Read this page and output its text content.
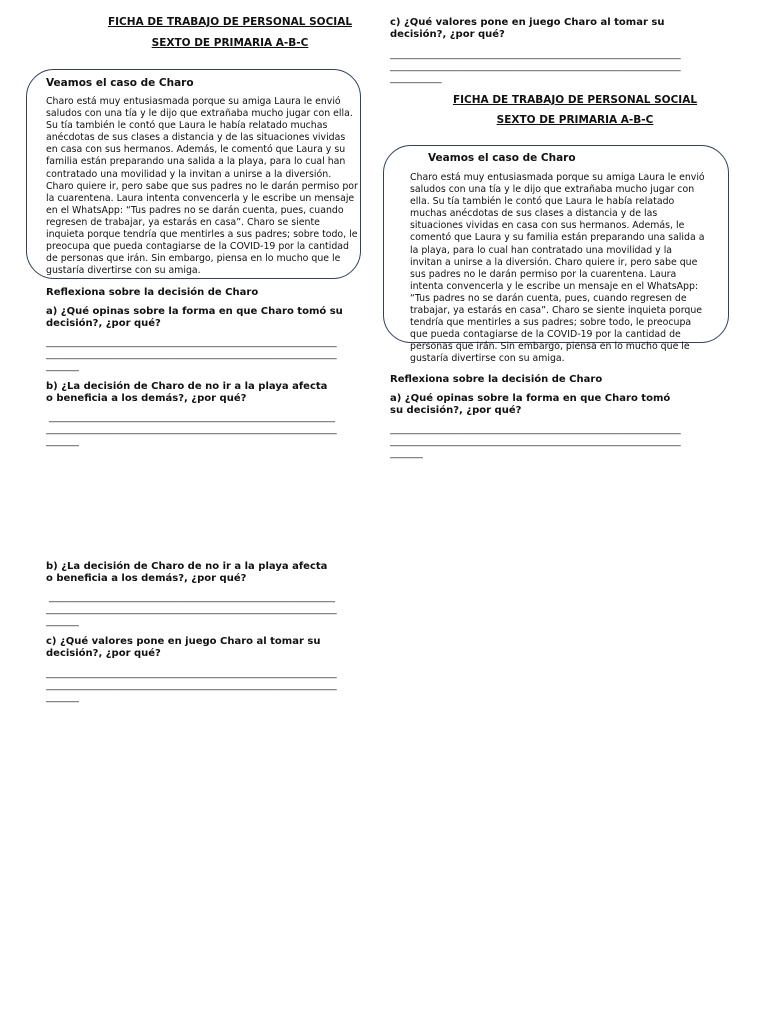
FICHA DE TRABAJO DE PERSONAL SOCIAL

SEXTO DE PRIMARIA A-B-C

Veamos el caso de Charo

Charo está muy entusiasmada porque su amiga Laura le envió saludos con una tía y le dijo que extrañaba mucho jugar con ella. Su tía también le contó que Laura le había relatado muchas anécdotas de sus clases a distancia y de las situaciones vividas en casa con sus hermanos. Además, le comentó que Laura y su familia están preparando una salida a la playa, para lo cual han contratado una movilidad y la invitan a unirse a la diversión. Charo quiere ir, pero sabe que sus padres no le darán permiso por la cuarentena. Laura intenta convencerla y le escribe un mensaje en el WhatsApp: “Tus padres no se darán cuenta, pues, cuando regresen de trabajar, ya estarás en casa”. Charo se siente inquieta porque tendría que mentirles a sus padres; sobre todo, le preocupa que pueda contagiarse de la COVID-19 por la cantidad de personas que irán. Sin embargo, piensa en lo mucho que le gustaría divertirse con su amiga.

Reflexiona sobre la decisión de Charo

a) ¿Qué opinas sobre la forma en que Charo tomó su decisión?, ¿por qué?

______________________________________________________________
______________________________________________________________
_______

b) ¿La decisión de Charo de no ir a la playa afecta o beneficia a los demás?, ¿por qué?

_____________________________________________________________
______________________________________________________________
_______

b) ¿La decisión de Charo de no ir a la playa afecta o beneficia a los demás?, ¿por qué?

_____________________________________________________________
______________________________________________________________
_______

c) ¿Qué valores pone en juego Charo al tomar su decisión?, ¿por qué?

______________________________________________________________
______________________________________________________________
_______

c) ¿Qué valores pone en juego Charo al tomar su decisión?, ¿por qué?

______________________________________________________________
______________________________________________________________
___________

FICHA DE TRABAJO DE PERSONAL SOCIAL

SEXTO DE PRIMARIA A-B-C

Veamos el caso de Charo

Charo está muy entusiasmada porque su amiga Laura le envió saludos con una tía y le dijo que extrañaba mucho jugar con ella. Su tía también le contó que Laura le había relatado muchas anécdotas de sus clases a distancia y de las situaciones vividas en casa con sus hermanos. Además, le comentó que Laura y su familia están preparando una salida a la playa, para lo cual han contratado una movilidad y la invitan a unirse a la diversión. Charo quiere ir, pero sabe que sus padres no le darán permiso por la cuarentena. Laura intenta convencerla y le escribe un mensaje en el WhatsApp: “Tus padres no se darán cuenta, pues, cuando regresen de trabajar, ya estarás en casa”. Charo se siente inquieta porque tendría que mentirles a sus padres; sobre todo, le preocupa que pueda contagiarse de la COVID-19 por la cantidad de personas que irán. Sin embargo, piensa en lo mucho que le gustaría divertirse con su amiga.

Reflexiona sobre la decisión de Charo

a) ¿Qué opinas sobre la forma en que Charo tomó su decisión?, ¿por qué?

______________________________________________________________
______________________________________________________________
_______
